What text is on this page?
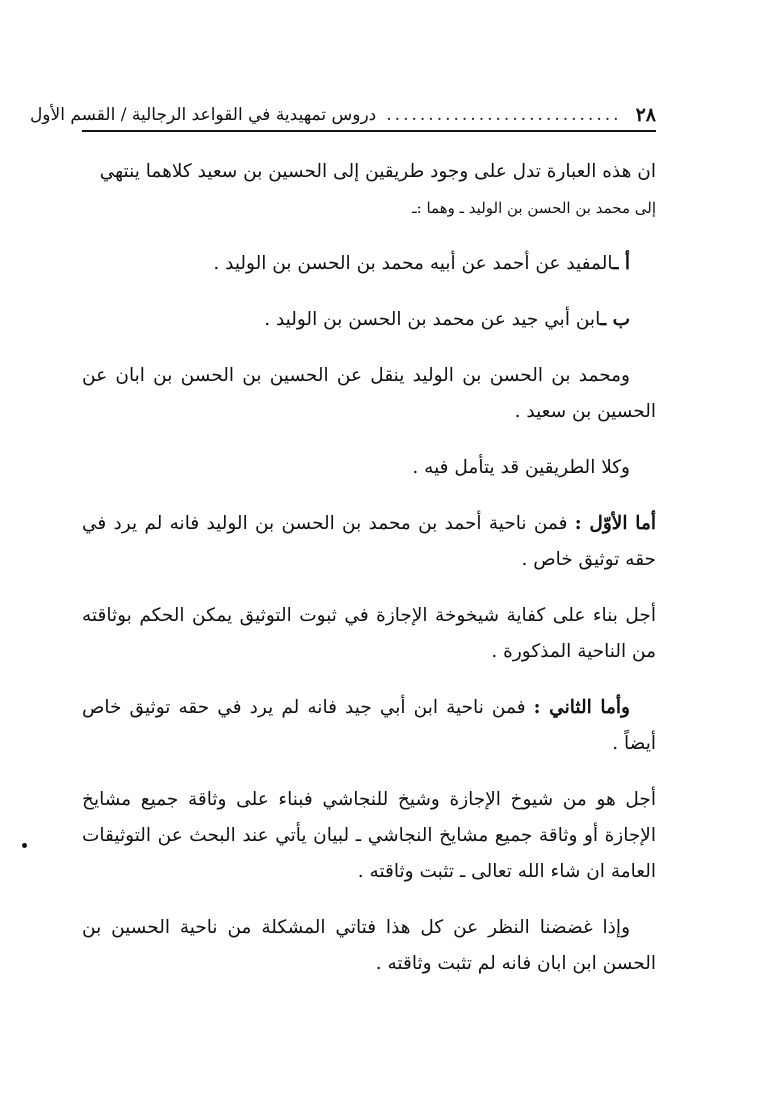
٢٨
............................
دروس تمهيدية في القواعد الرجالية / القسم الأول

ان هذه العبارة تدل على وجود طريقين إلى الحسين بن سعيد كلاهما ينتهي
إلى محمد بن الحسن بن الوليد ـ وهما :ـ

أ ـالمفيد عن أحمد عن أبيه محمد بن الحسن بن الوليد .

ب ـابن أبي جيد عن محمد بن الحسن بن الوليد .

ومحمد بن الحسن بن الوليد ينقل عن الحسين بن الحسن بن ابان عن الحسين بن سعيد .

وكلا الطريقين قد يتأمل فيه .

أما الأوّل : فمن ناحية أحمد بن محمد بن الحسن بن الوليد فانه لم يرد في حقه توثيق خاص .

أجل بناء على كفاية شيخوخة الإجازة في ثبوت التوثيق يمكن الحكم بوثاقته من الناحية المذكورة .

وأما الثاني : فمن ناحية ابن أبي جيد فانه لم يرد في حقه توثيق خاص أيضاً .

أجل هو من شيوخ الإجازة وشيخ للنجاشي فبناء على وثاقة جميع مشايخ الإجازة أو وثاقة جميع مشايخ النجاشي ـ لبيان يأتي عند البحث عن التوثيقات العامة ان شاء الله تعالى ـ تثبت وثاقته .

وإذا غضضنا النظر عن كل هذا فتاتي المشكلة من ناحية الحسين بن الحسن ابن ابان فانه لم تثبت وثاقته .
